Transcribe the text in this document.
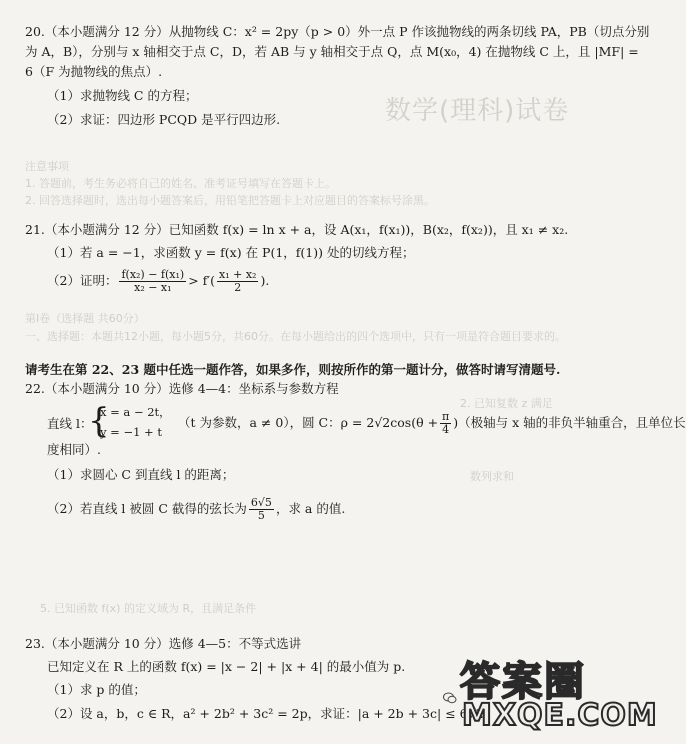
数学(理科)试卷
注意事项
1. 答题前，考生务必将自己的姓名、准考证号填写在答题卡上。
2. 回答选择题时，选出每小题答案后，用铅笔把答题卡上对应题目的答案标号涂黑。
第Ⅰ卷（选择题 共60分）
一、选择题：本题共12小题，每小题5分，共60分。在每小题给出的四个选项中，只有一项是符合题目要求的。
2. 已知复数 z 满足
数列求和
5. 已知函数 f(x) 的定义域为 R，且满足条件
20.（本小题满分 12 分）从抛物线 C：x² = 2py（p > 0）外一点 P 作该抛物线的两条切线 PA，PB（切点分别
为 A，B），分别与 x 轴相交于点 C，D，若 AB 与 y 轴相交于点 Q，点 M(x₀，4) 在抛物线 C 上，且 |MF| =
6（F 为抛物线的焦点）.
（1）求抛物线 C 的方程；
（2）求证：四边形 PCQD 是平行四边形.
21.（本小题满分 12 分）已知函数 f(x) = ln x + a，设 A(x₁，f(x₁))，B(x₂，f(x₂))，且 x₁ ≠ x₂.
（1）若 a = −1，求函数 y = f(x) 在 P(1，f(1)) 处的切线方程；
（2）证明： $\frac{\text{f(x₂) − f(x₁)}}{\text{x₂ − x₁}} > f'( \frac{\text{x₁ + x₂}}{2}$ ).
请考生在第 22、23 题中任选一题作答，如果多作，则按所作的第一题计分，做答时请写清题号.
22.（本小题满分 10 分）选修 4—4：坐标系与参数方程
直线 l：
{
x = a − 2t，
y = −1 + t
（t 为参数，a ≠ 0），圆 C：$\rho = 2√2\cos(\theta + \frac{\pi}{4}$ )（极轴与 x 轴的非负半轴重合，且单位长
度相同）.
（1）求圆心 C 到直线 l 的距离；
（2）若直线 l 被圆 C 截得的弦长为 $\frac{6√5}{5}$ ，求 a 的值.
23.（本小题满分 10 分）选修 4—5：不等式选讲
已知定义在 R 上的函数 f(x) = |x − 2| + |x + 4| 的最小值为 p.
（1）求 p 的值；
（2）设 a，b，c ∈ R，a² + 2b² + 3c² = 2p，求证：|a + 2b + 3c| ≤ 6√2.
答案圈
MXQE.COM
